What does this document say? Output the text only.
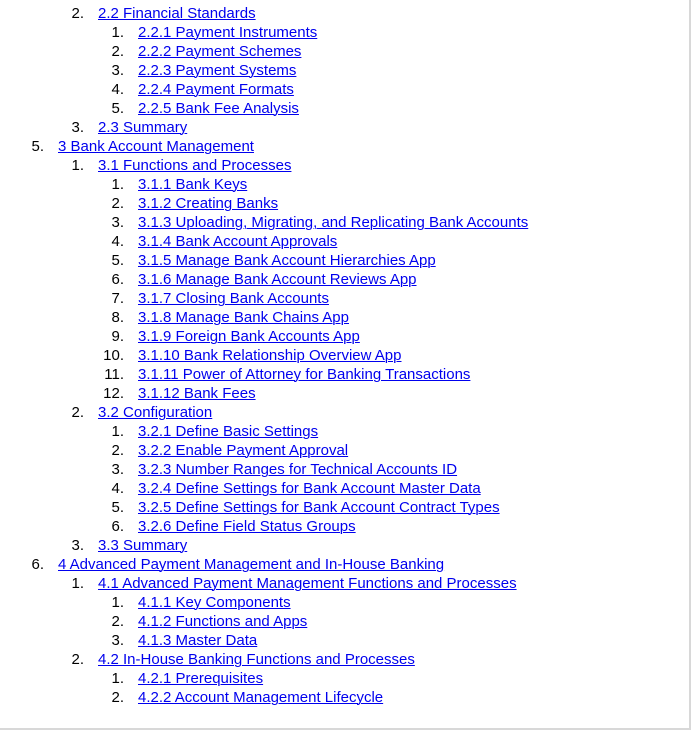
2. 2.2 Financial Standards
1. 2.2.1 Payment Instruments
2. 2.2.2 Payment Schemes
3. 2.2.3 Payment Systems
4. 2.2.4 Payment Formats
5. 2.2.5 Bank Fee Analysis
3. 2.3 Summary
5. 3 Bank Account Management
1. 3.1 Functions and Processes
1. 3.1.1 Bank Keys
2. 3.1.2 Creating Banks
3. 3.1.3 Uploading, Migrating, and Replicating Bank Accounts
4. 3.1.4 Bank Account Approvals
5. 3.1.5 Manage Bank Account Hierarchies App
6. 3.1.6 Manage Bank Account Reviews App
7. 3.1.7 Closing Bank Accounts
8. 3.1.8 Manage Bank Chains App
9. 3.1.9 Foreign Bank Accounts App
10. 3.1.10 Bank Relationship Overview App
11. 3.1.11 Power of Attorney for Banking Transactions
12. 3.1.12 Bank Fees
2. 3.2 Configuration
1. 3.2.1 Define Basic Settings
2. 3.2.2 Enable Payment Approval
3. 3.2.3 Number Ranges for Technical Accounts ID
4. 3.2.4 Define Settings for Bank Account Master Data
5. 3.2.5 Define Settings for Bank Account Contract Types
6. 3.2.6 Define Field Status Groups
3. 3.3 Summary
6. 4 Advanced Payment Management and In-House Banking
1. 4.1 Advanced Payment Management Functions and Processes
1. 4.1.1 Key Components
2. 4.1.2 Functions and Apps
3. 4.1.3 Master Data
2. 4.2 In-House Banking Functions and Processes
1. 4.2.1 Prerequisites
2. 4.2.2 Account Management Lifecycle
